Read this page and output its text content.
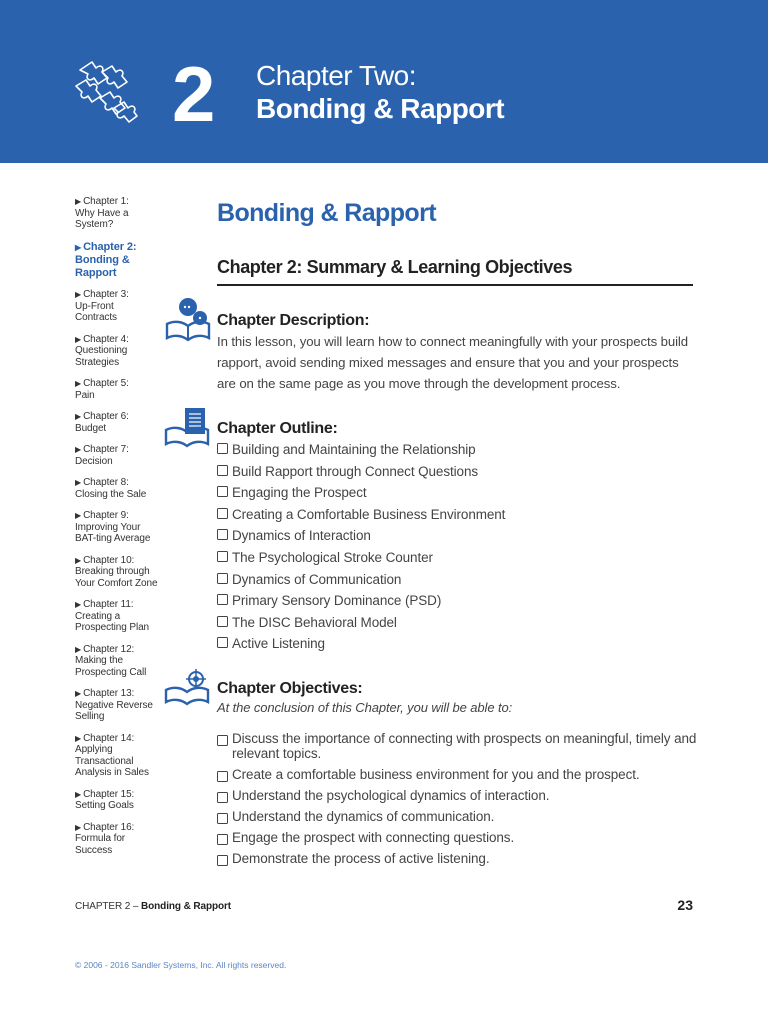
2 Chapter Two:
Bonding & Rapport
▶ Chapter 1:

Why Have a
System?
▶ Chapter 2:

Bonding &
Rapport
▶ Chapter 3:

Up-Front
Contracts
▶ Chapter 4:

Questioning
Strategies
▶ Chapter 5:

Pain
▶ Chapter 6:

Budget
▶ Chapter 7:

Decision
▶ Chapter 8:

Closing the Sale
▶ Chapter 9:

Improving Your
BAT-ting Average
▶ Chapter 10:

Breaking through
Your Comfort Zone
▶ Chapter 11:

Creating a
Prospecting Plan
▶ Chapter 12:

Making the
Prospecting Call
▶ Chapter 13:

Negative Reverse
Selling
▶ Chapter 14:

Applying
Transactional
Analysis in Sales
▶ Chapter 15:

Setting Goals
▶ Chapter 16:

Formula for
Success
Bonding & Rapport
Chapter 2: Summary & Learning Objectives
Chapter Description:
In this lesson, you will learn how to connect meaningfully with your prospects build rapport, avoid sending mixed messages and ensure that you and your prospects are on the same page as you move through the development process.
Chapter Outline:
Building and Maintaining the Relationship
Build Rapport through Connect Questions
Engaging the Prospect
Creating a Comfortable Business Environment
Dynamics of Interaction
The Psychological Stroke Counter
Dynamics of Communication
Primary Sensory Dominance (PSD)
The DISC Behavioral Model
Active Listening
Chapter Objectives:
At the conclusion of this Chapter, you will be able to:
Discuss the importance of connecting with prospects on meaningful, timely and relevant topics.
Create a comfortable business environment for you and the prospect.
Understand the psychological dynamics of interaction.
Understand the dynamics of communication.
Engage the prospect with connecting questions.
Demonstrate the process of active listening.
CHAPTER 2 – Bonding & Rapport	23
© 2006 - 2016 Sandler Systems, Inc. All rights reserved.
